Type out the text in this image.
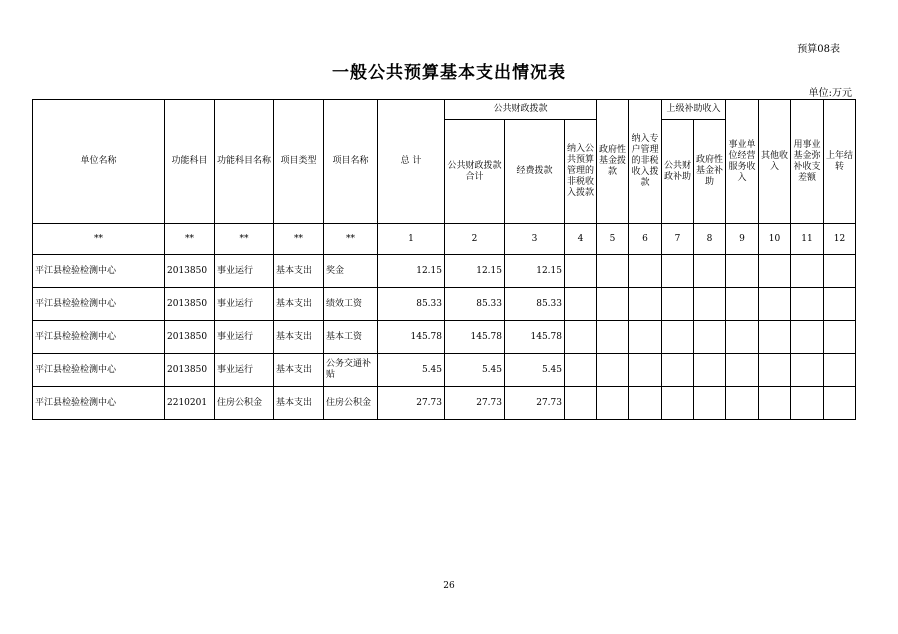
预算08表
一般公共预算基本支出情况表
单位:万元
单位名称	功能科目	功能科目名称	项目类型	项目名称	总 计	公共财政拨款			政府性基金拨款	纳入专户管理的非税收入拨款	上级补助收入		事业单位经营服务收入	其他收入	用事业基金弥补收支差额	上年结转
						公共财政拨款合计	经费拨款	纳入公共预算管理的非税收入拨款			公共财政补助	政府性基金补助				
**	**	**	**	**	1	2	3	4	5	6	7	8	9	10	11	12
平江县检验检测中心	2013850	事业运行	基本支出	奖金	12.15	12.15	12.15									
平江县检验检测中心	2013850	事业运行	基本支出	绩效工资	85.33	85.33	85.33									
平江县检验检测中心	2013850	事业运行	基本支出	基本工资	145.78	145.78	145.78									
平江县检验检测中心	2013850	事业运行	基本支出	公务交通补贴	5.45	5.45	5.45									
平江县检验检测中心	2210201	住房公积金	基本支出	住房公积金	27.73	27.73	27.73									
26
